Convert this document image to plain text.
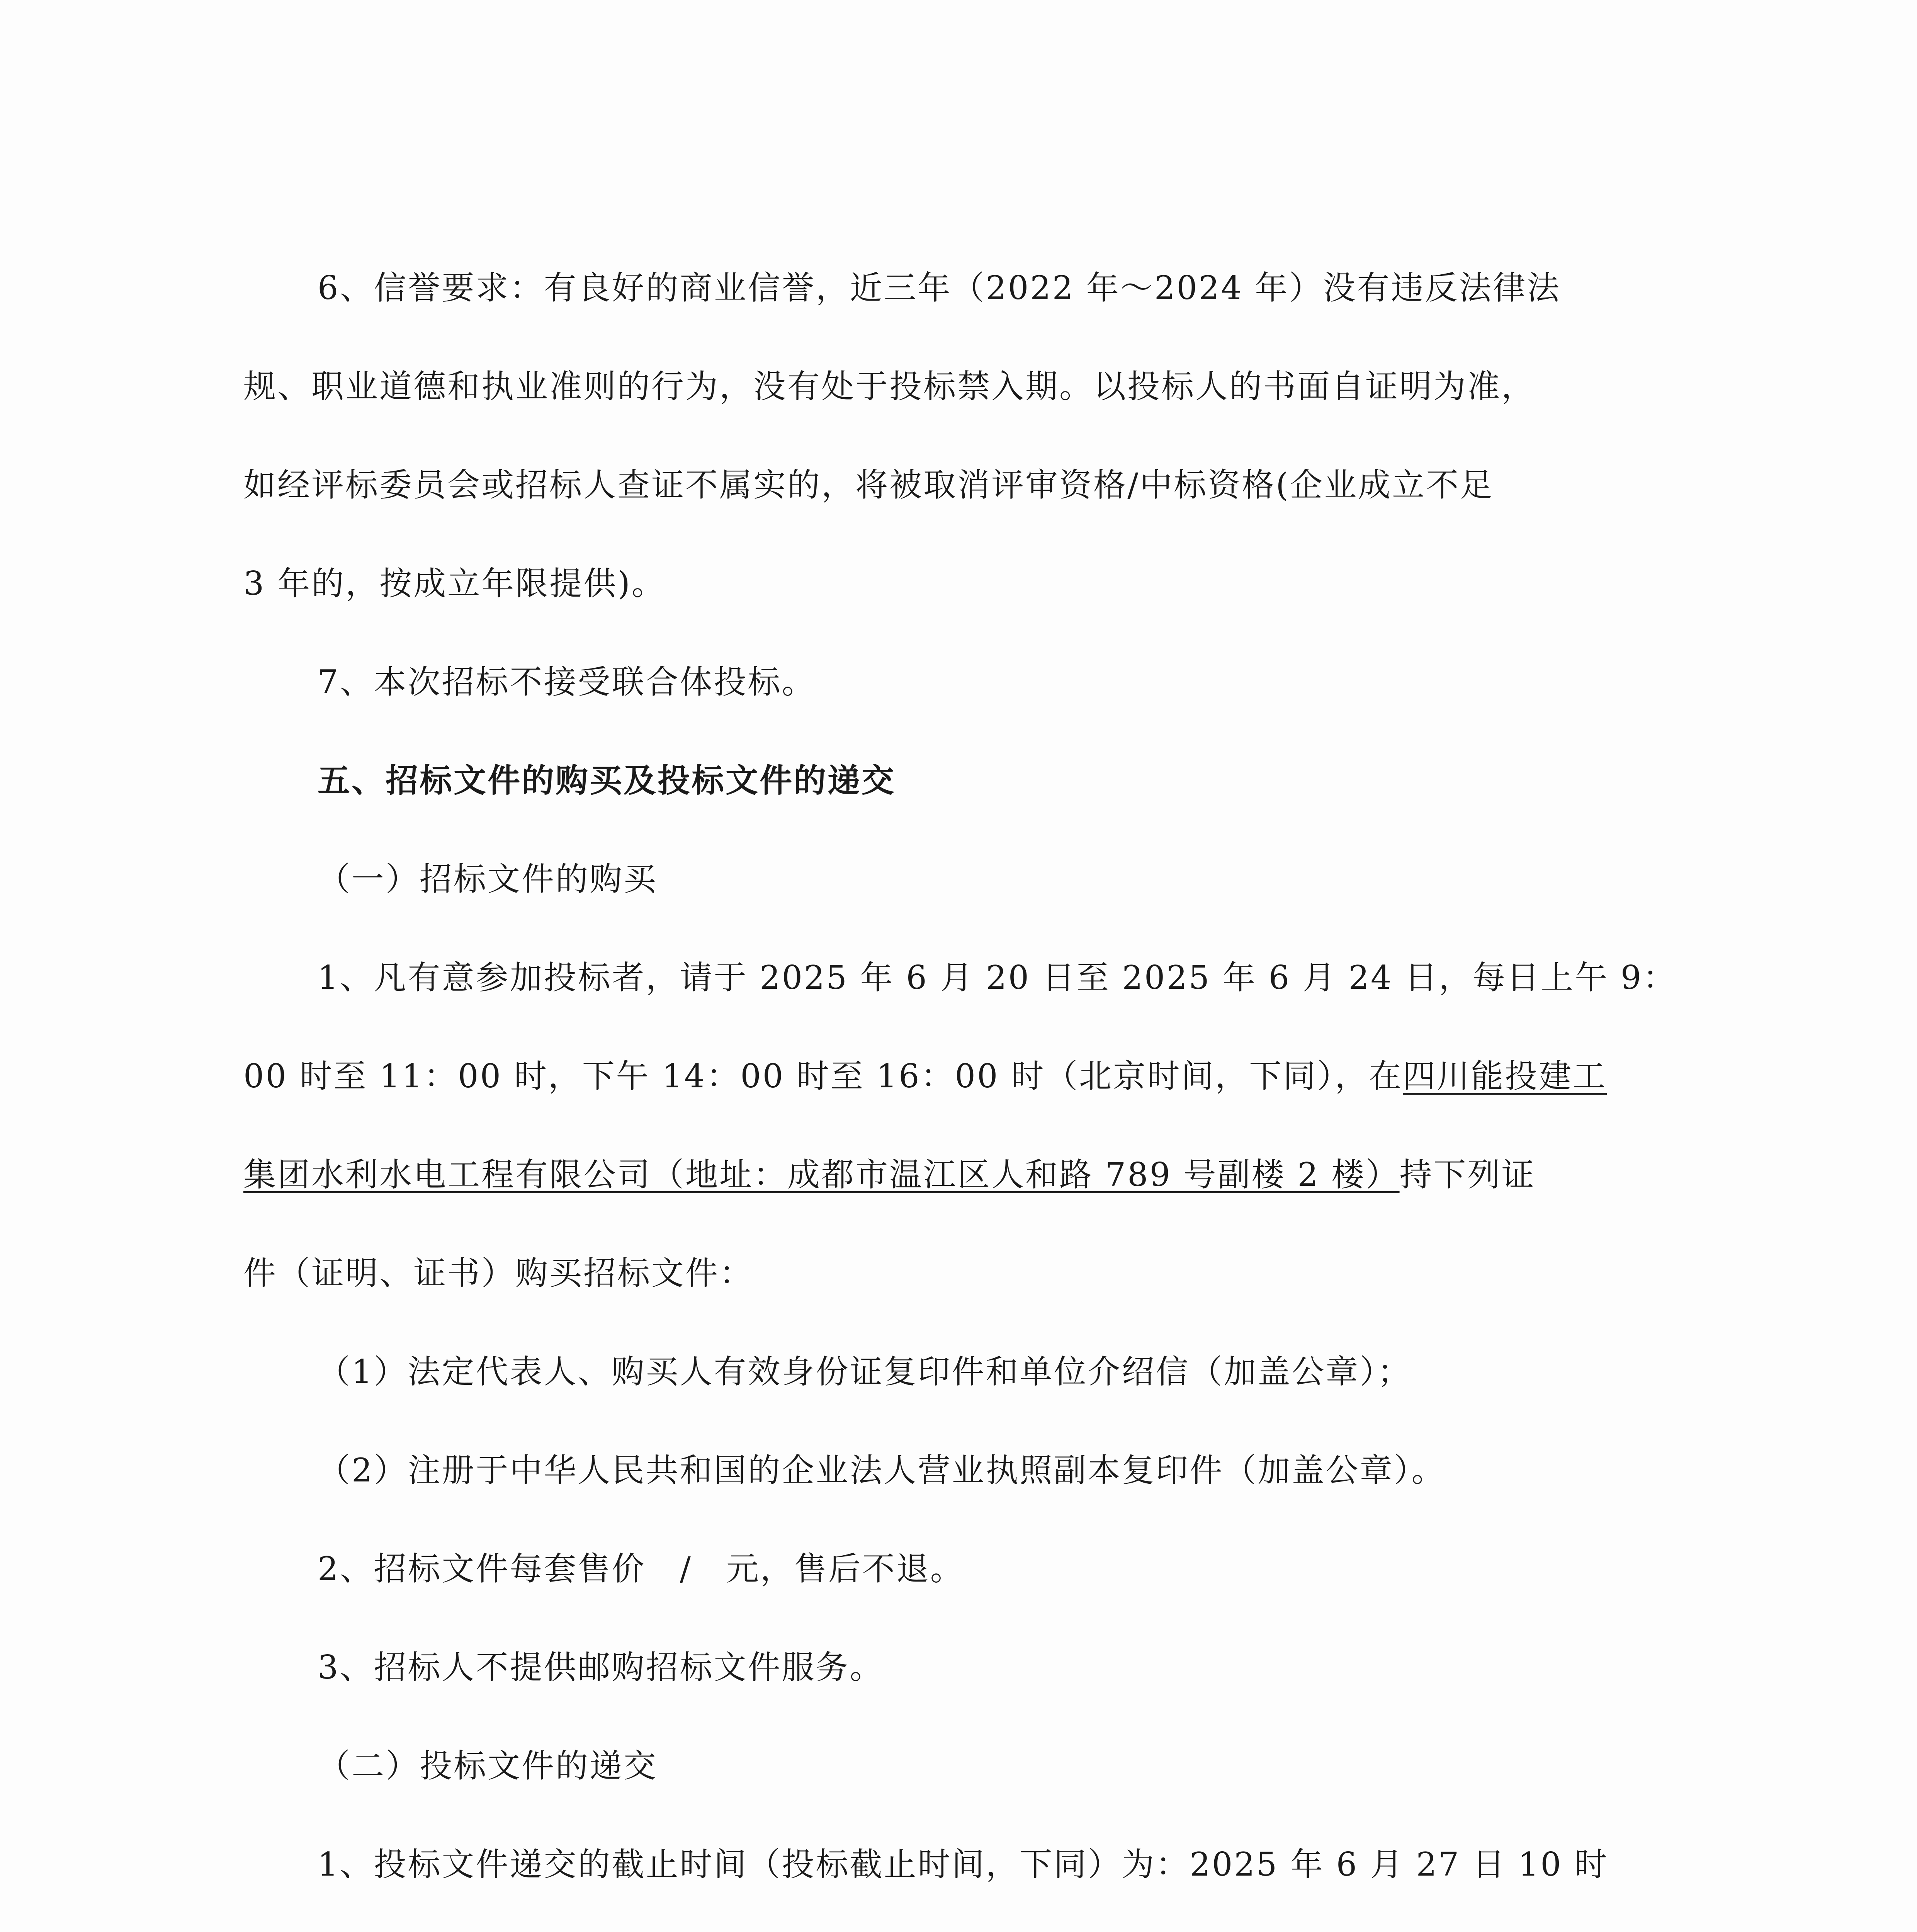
6、信誉要求：有良好的商业信誉，近三年（2022 年～2024 年）没有违反法律法
规、职业道德和执业准则的行为，没有处于投标禁入期。以投标人的书面自证明为准，
如经评标委员会或招标人查证不属实的，将被取消评审资格/中标资格(企业成立不足
3 年的，按成立年限提供)。
7、本次招标不接受联合体投标。
五、招标文件的购买及投标文件的递交
（一）招标文件的购买
1、凡有意参加投标者，请于 2025 年 6 月 20 日至 2025 年 6 月 24 日，每日上午 9：
00 时至 11：00 时，下午 14：00 时至 16：00 时（北京时间，下同），在四川能投建工
集团水利水电工程有限公司（地址：成都市温江区人和路 789 号副楼 2 楼）持下列证
件（证明、证书）购买招标文件：
（1）法定代表人、购买人有效身份证复印件和单位介绍信（加盖公章）；
（2）注册于中华人民共和国的企业法人营业执照副本复印件（加盖公章）。
2、招标文件每套售价　/　元，售后不退。
3、招标人不提供邮购招标文件服务。
（二）投标文件的递交
1、投标文件递交的截止时间（投标截止时间，下同）为：2025 年 6 月 27 日 10 时
